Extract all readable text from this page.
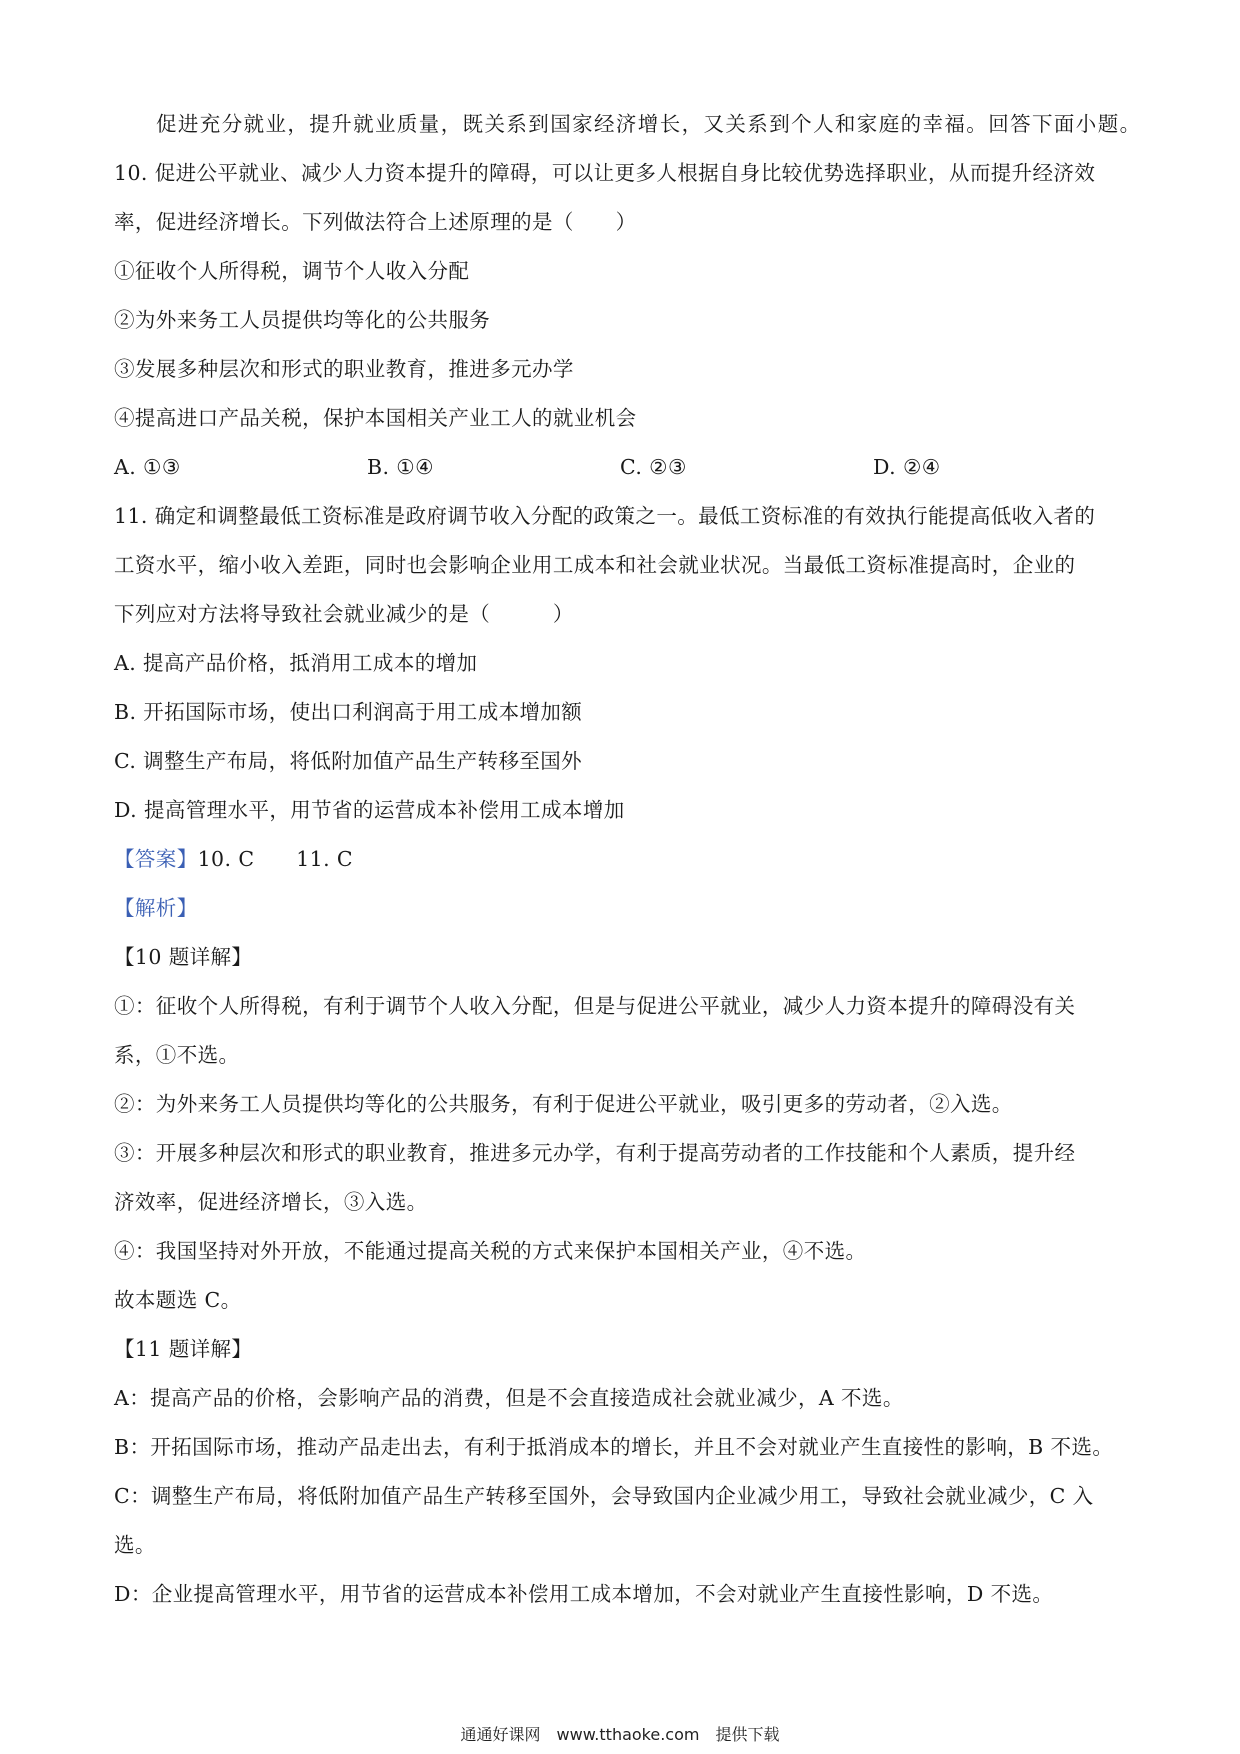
促进充分就业，提升就业质量，既关系到国家经济增长，又关系到个人和家庭的幸福。回答下面小题。
10. 促进公平就业、减少人力资本提升的障碍，可以让更多人根据自身比较优势选择职业，从而提升经济效
率，促进经济增长。下列做法符合上述原理的是（　　）
①征收个人所得税，调节个人收入分配
②为外来务工人员提供均等化的公共服务
③发展多种层次和形式的职业教育，推进多元办学
④提高进口产品关税，保护本国相关产业工人的就业机会
A. ①③	B. ①④	C. ②③	D. ②④
11. 确定和调整最低工资标准是政府调节收入分配的政策之一。最低工资标准的有效执行能提高低收入者的
工资水平，缩小收入差距，同时也会影响企业用工成本和社会就业状况。当最低工资标准提高时，企业的
下列应对方法将导致社会就业减少的是（　　　）
A. 提高产品价格，抵消用工成本的增加
B. 开拓国际市场，使出口利润高于用工成本增加额
C. 调整生产布局，将低附加值产品生产转移至国外
D. 提高管理水平，用节省的运营成本补偿用工成本增加
【答案】10. C　　11. C
【解析】
【10 题详解】
①：征收个人所得税，有利于调节个人收入分配，但是与促进公平就业，减少人力资本提升的障碍没有关
系，①不选。
②：为外来务工人员提供均等化的公共服务，有利于促进公平就业，吸引更多的劳动者，②入选。
③：开展多种层次和形式的职业教育，推进多元办学，有利于提高劳动者的工作技能和个人素质，提升经
济效率，促进经济增长，③入选。
④：我国坚持对外开放，不能通过提高关税的方式来保护本国相关产业，④不选。
故本题选 C。
【11 题详解】
A：提高产品的价格，会影响产品的消费，但是不会直接造成社会就业减少，A 不选。
B：开拓国际市场，推动产品走出去，有利于抵消成本的增长，并且不会对就业产生直接性的影响，B 不选。
C：调整生产布局，将低附加值产品生产转移至国外，会导致国内企业减少用工，导致社会就业减少，C 入
选。
D：企业提高管理水平，用节省的运营成本补偿用工成本增加，不会对就业产生直接性影响，D 不选。
通通好课网　www.tthaoke.com　提供下载
